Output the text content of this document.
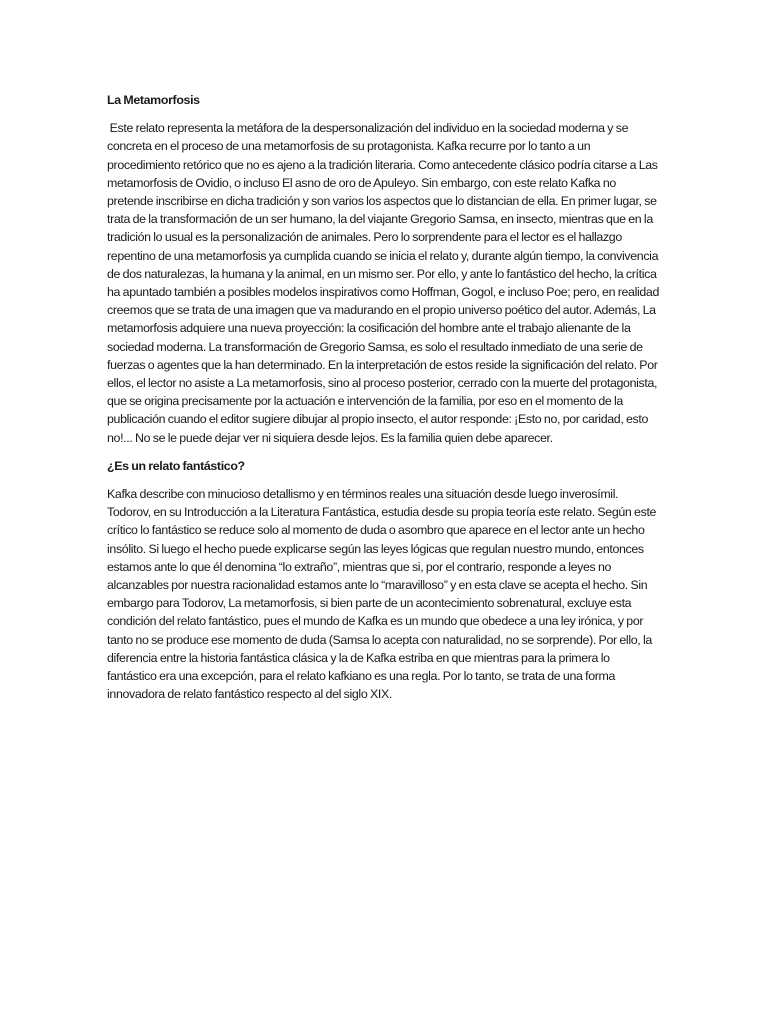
La Metamorfosis

Este relato representa la metáfora de la despersonalización del individuo en la sociedad moderna y se concreta en el proceso de una metamorfosis de su protagonista. Kafka recurre por lo tanto a un procedimiento retórico que no es ajeno a la tradición literaria. Como antecedente clásico podría citarse a Las metamorfosis de Ovidio, o incluso El asno de oro de Apuleyo. Sin embargo, con este relato Kafka no pretende inscribirse en dicha tradición y son varios los aspectos que lo distancian de ella. En primer lugar, se trata de la transformación de un ser humano, la del viajante Gregorio Samsa, en insecto, mientras que en la tradición lo usual es la personalización de animales. Pero lo sorprendente para el lector es el hallazgo repentino de una metamorfosis ya cumplida cuando se inicia el relato y, durante algún tiempo, la convivencia de dos naturalezas, la humana y la animal, en un mismo ser. Por ello, y ante lo fantástico del hecho, la crítica ha apuntado también a posibles modelos inspirativos como Hoffman, Gogol, e incluso Poe; pero, en realidad creemos que se trata de una imagen que va madurando en el propio universo poético del autor. Además, La metamorfosis adquiere una nueva proyección: la cosificación del hombre ante el trabajo alienante de la sociedad moderna. La transformación de Gregorio Samsa, es solo el resultado inmediato de una serie de fuerzas o agentes que la han determinado. En la interpretación de estos reside la significación del relato. Por ellos, el lector no asiste a La metamorfosis, sino al proceso posterior, cerrado con la muerte del protagonista, que se origina precisamente por la actuación e intervención de la familia, por eso en el momento de la publicación cuando el editor sugiere dibujar al propio insecto, el autor responde: ¡Esto no, por caridad, esto no!... No se le puede dejar ver ni siquiera desde lejos. Es la familia quien debe aparecer.

¿Es un relato fantástico?

Kafka describe con minucioso detallismo y en términos reales una situación desde luego inverosímil. Todorov, en su Introducción a la Literatura Fantástica, estudia desde su propia teoría este relato. Según este crítico lo fantástico se reduce solo al momento de duda o asombro que aparece en el lector ante un hecho insólito. Si luego el hecho puede explicarse según las leyes lógicas que regulan nuestro mundo, entonces estamos ante lo que él denomina “lo extraño”, mientras que si, por el contrario, responde a leyes no alcanzables por nuestra racionalidad estamos ante lo “maravilloso” y en esta clave se acepta el hecho. Sin embargo para Todorov, La metamorfosis, si bien parte de un acontecimiento sobrenatural, excluye esta condición del relato fantástico, pues el mundo de Kafka es un mundo que obedece a una ley irónica, y por tanto no se produce ese momento de duda (Samsa lo acepta con naturalidad, no se sorprende). Por ello, la diferencia entre la historia fantástica clásica y la de Kafka estriba en que mientras para la primera lo fantástico era una excepción, para el relato kafkiano es una regla. Por lo tanto, se trata de una forma innovadora de relato fantástico respecto al del siglo XIX.
